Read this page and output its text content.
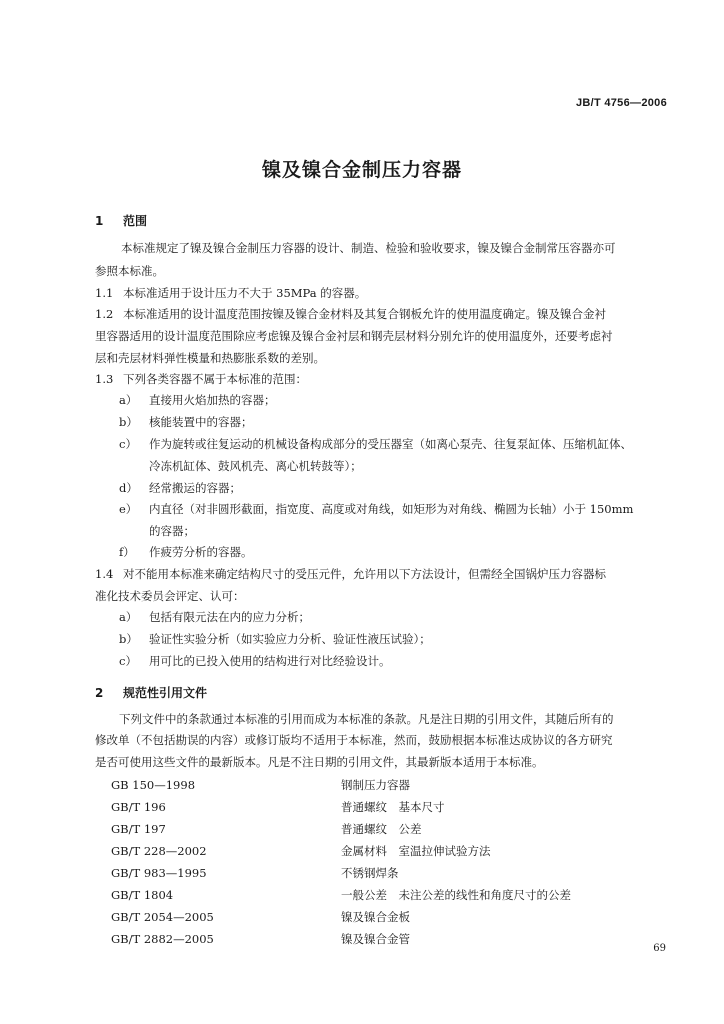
JB/T 4756—2006
镍及镍合金制压力容器
1 范围
本标准规定了镍及镍合金制压力容器的设计、制造、检验和验收要求，镍及镍合金制常压容器亦可
参照本标准。
1.1 本标准适用于设计压力不大于 35MPa 的容器。
1.2 本标准适用的设计温度范围按镍及镍合金材料及其复合钢板允许的使用温度确定。镍及镍合金衬
里容器适用的设计温度范围除应考虑镍及镍合金衬层和钢壳层材料分别允许的使用温度外，还要考虑衬
层和壳层材料弹性模量和热膨胀系数的差别。
1.3 下列各类容器不属于本标准的范围：
a） 直接用火焰加热的容器；
b） 核能装置中的容器；
c） 作为旋转或往复运动的机械设备构成部分的受压器室（如离心泵壳、往复泵缸体、压缩机缸体、
冷冻机缸体、鼓风机壳、离心机转鼓等）；
d） 经常搬运的容器；
e） 内直径（对非圆形截面，指宽度、高度或对角线，如矩形为对角线、椭圆为长轴）小于 150mm
的容器；
f） 作疲劳分析的容器。
1.4 对不能用本标准来确定结构尺寸的受压元件，允许用以下方法设计，但需经全国锅炉压力容器标
准化技术委员会评定、认可：
a） 包括有限元法在内的应力分析；
b） 验证性实验分析（如实验应力分析、验证性液压试验）；
c） 用可比的已投入使用的结构进行对比经验设计。
2 规范性引用文件
下列文件中的条款通过本标准的引用而成为本标准的条款。凡是注日期的引用文件，其随后所有的
修改单（不包括勘误的内容）或修订版均不适用于本标准，然而，鼓励根据本标准达成协议的各方研究
是否可使用这些文件的最新版本。凡是不注日期的引用文件，其最新版本适用于本标准。
GB 150—1998	钢制压力容器
GB/T 196	普通螺纹　基本尺寸
GB/T 197	普通螺纹　公差
GB/T 228—2002	金属材料　室温拉伸试验方法
GB/T 983—1995	不锈钢焊条
GB/T 1804	一般公差　未注公差的线性和角度尺寸的公差
GB/T 2054—2005	镍及镍合金板
GB/T 2882—2005	镍及镍合金管
69
